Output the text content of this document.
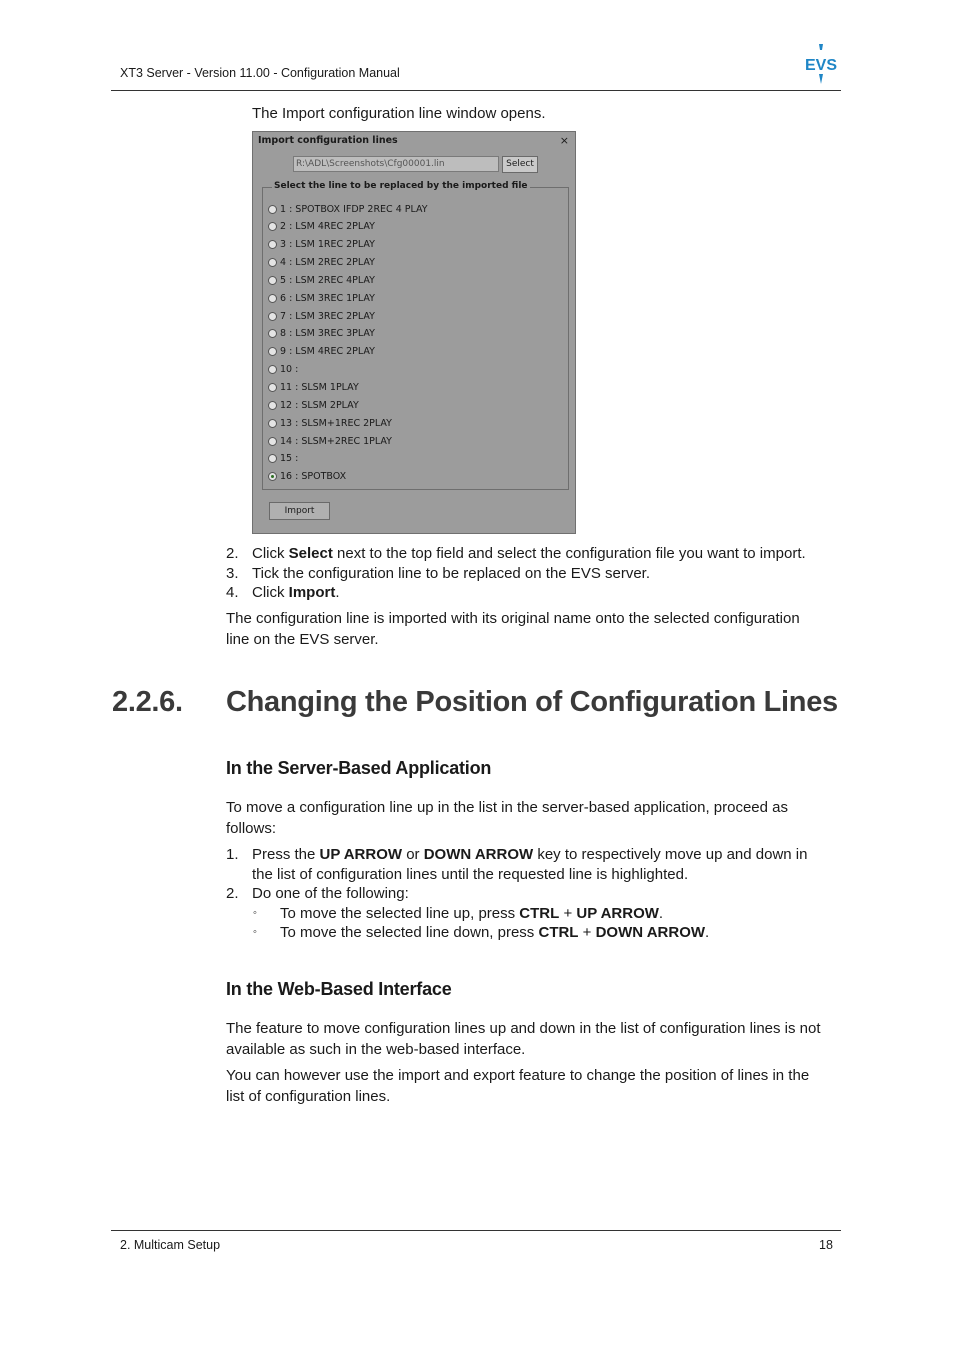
XT3 Server - Version 11.00 - Configuration Manual	EVS
The Import configuration line window opens.
Import configuration lines	×
R:\ADL\Screenshots\Cfg00001.lin	Select
Select the line to be replaced by the imported file
1 : SPOTBOX IFDP 2REC 4 PLAY
2 : LSM 4REC 2PLAY
3 : LSM 1REC 2PLAY
4 : LSM 2REC 2PLAY
5 : LSM 2REC 4PLAY
6 : LSM 3REC 1PLAY
7 : LSM 3REC 2PLAY
8 : LSM 3REC 3PLAY
9 : LSM 4REC 2PLAY
10 :
11 : SLSM 1PLAY
12 : SLSM 2PLAY
13 : SLSM+1REC 2PLAY
14 : SLSM+2REC 1PLAY
15 :
16 : SPOTBOX
Import
2. Click Select next to the top field and select the configuration file you want to import.
3. Tick the configuration line to be replaced on the EVS server.
4. Click Import.
The configuration line is imported with its original name onto the selected configuration
line on the EVS server.
2.2.6. Changing the Position of Configuration Lines
In the Server-Based Application
To move a configuration line up in the list in the server-based application, proceed as
follows:
1. Press the UP ARROW or DOWN ARROW key to respectively move up and down in
the list of configuration lines until the requested line is highlighted.
2. Do one of the following:
◦ To move the selected line up, press CTRL + UP ARROW.
◦ To move the selected line down, press CTRL + DOWN ARROW.
In the Web-Based Interface
The feature to move configuration lines up and down in the list of configuration lines is not
available as such in the web-based interface.
You can however use the import and export feature to change the position of lines in the
list of configuration lines.
2. Multicam Setup	18
